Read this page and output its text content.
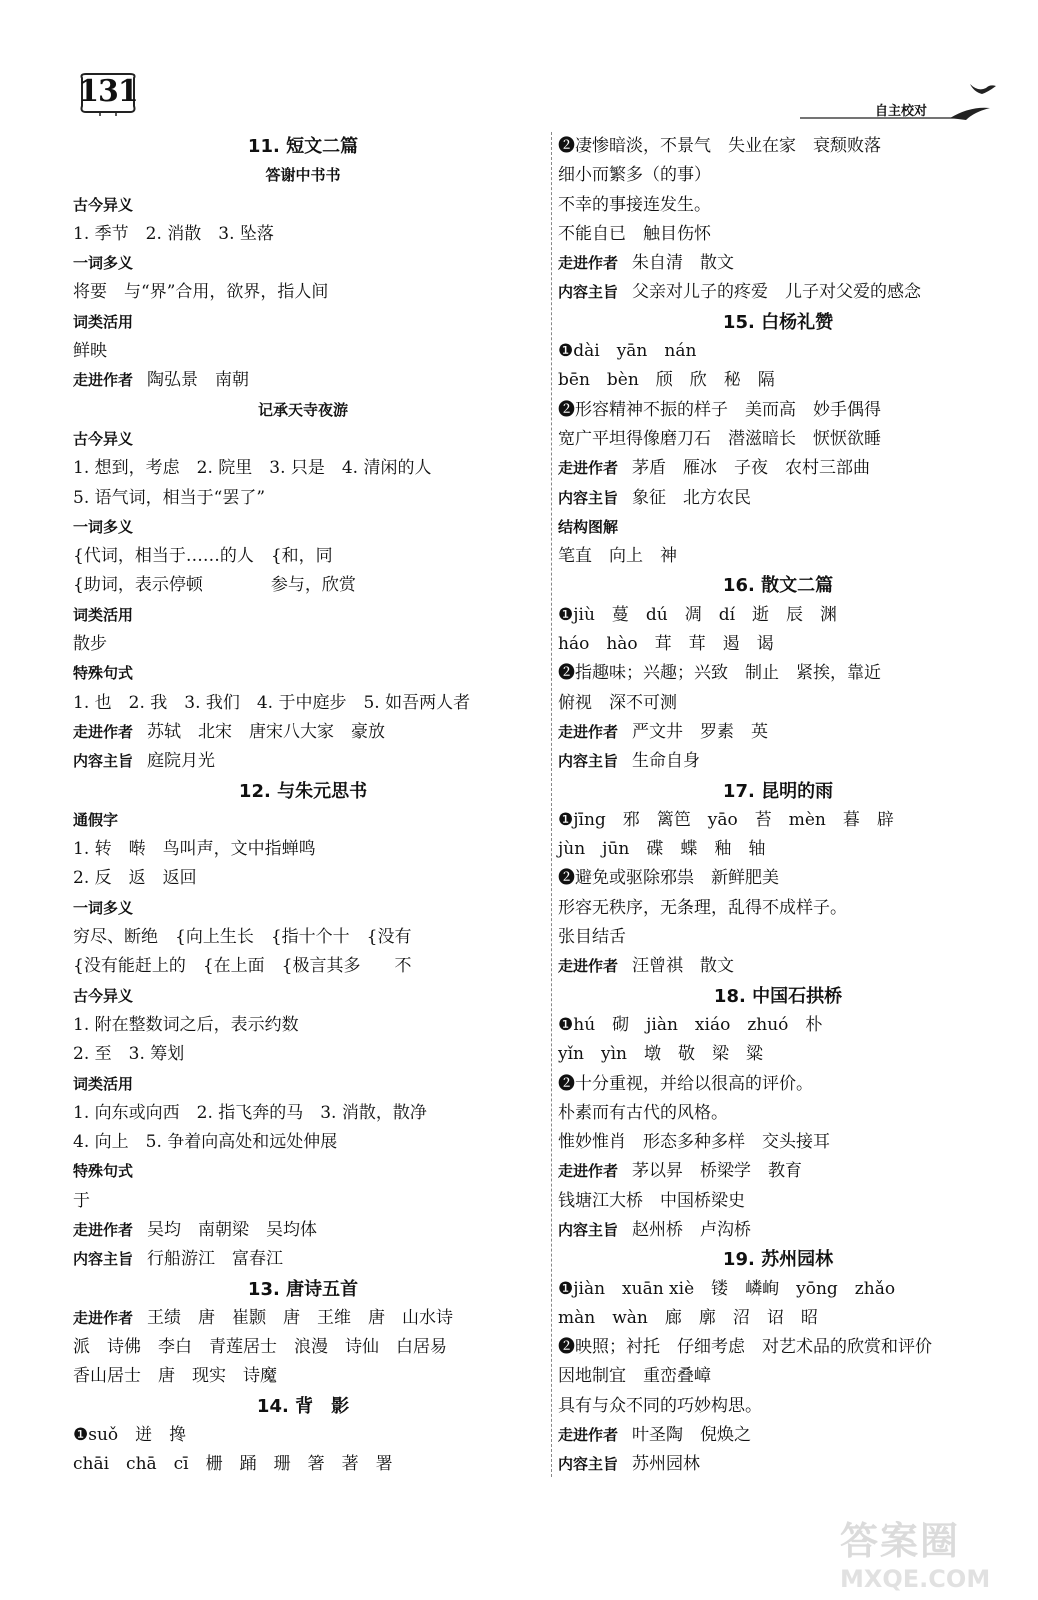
131
自主校对
11. 短文二篇
答谢中书书
古今异义
1. 季节　2. 消散　3. 坠落
一词多义
将要　与“界”合用，欲界，指人间
词类活用
鲜映
走进作者 陶弘景　南朝
记承天寺夜游
古今异义
1. 想到，考虑　2. 院里　3. 只是　4. 清闲的人
5. 语气词，相当于“罢了”
一词多义
{代词，相当于……的人　{和，同
{助词，表示停顿　　　　参与，欣赏
词类活用
散步
特殊句式
1. 也　2. 我　3. 我们　4. 于中庭步　5. 如吾两人者
走进作者 苏轼　北宋　唐宋八大家　豪放
内容主旨 庭院月光
12. 与朱元思书
通假字
1. 转　啭　鸟叫声，文中指蝉鸣
2. 反　返　返回
一词多义
穷尽、断绝　{向上生长　{指十个十　{没有
{没有能赶上的　{在上面　{极言其多　　不
古今异义
1. 附在整数词之后，表示约数
2. 至　3. 筹划
词类活用
1. 向东或向西　2. 指飞奔的马　3. 消散，散净
4. 向上　5. 争着向高处和远处伸展
特殊句式
于
走进作者 吴均　南朝梁　吴均体
内容主旨 行船游江　富春江
13. 唐诗五首
走进作者 王绩　唐　崔颢　唐　王维　唐　山水诗
派　诗佛　李白　青莲居士　浪漫　诗仙　白居易
香山居士　唐　现实　诗魔
14. 背　影
❶suǒ　迸　搀
chāi　chā　cī　栅　踊　珊　箸　著　署
❷凄惨暗淡，不景气　失业在家　衰颓败落
细小而繁多（的事）
不幸的事接连发生。
不能自已　触目伤怀
走进作者 朱自清　散文
内容主旨 父亲对儿子的疼爱　儿子对父爱的感念
15. 白杨礼赞
❶dài　yān　nán
bēn　bèn　颀　欣　秘　隔
❷形容精神不振的样子　美而高　妙手偶得
宽广平坦得像磨刀石　潜滋暗长　恹恹欲睡
走进作者 茅盾　雁冰　子夜　农村三部曲
内容主旨 象征　北方农民
结构图解
笔直　向上　神
16. 散文二篇
❶jiù　蔓　dú　凋　dí　逝　辰　渊
háo　hào　茸　茸　遏　谒
❷指趣味；兴趣；兴致　制止　紧挨，靠近
俯视　深不可测
走进作者 严文井　罗素　英
内容主旨 生命自身
17. 昆明的雨
❶jīng　邪　篱笆　yāo　苔　mèn　暮　辟
jùn　jūn　碟　蝶　釉　轴
❷避免或驱除邪祟　新鲜肥美
形容无秩序，无条理，乱得不成样子。
张目结舌
走进作者 汪曾祺　散文
18. 中国石拱桥
❶hú　砌　jiàn　xiáo　zhuó　朴
yǐn　yìn　墩　敬　梁　粱
❷十分重视，并给以很高的评价。
朴素而有古代的风格。
惟妙惟肖　形态多种多样　交头接耳
走进作者 茅以昇　桥梁学　教育
钱塘江大桥　中国桥梁史
内容主旨 赵州桥　卢沟桥
19. 苏州园林
❶jiàn　xuān xiè　镂　嶙峋　yōng　zhǎo
màn　wàn　廊　廓　沼　诏　昭
❷映照；衬托　仔细考虑　对艺术品的欣赏和评价
因地制宜　重峦叠嶂
具有与众不同的巧妙构思。
走进作者 叶圣陶　倪焕之
内容主旨 苏州园林
答案圈
MXQE.COM
